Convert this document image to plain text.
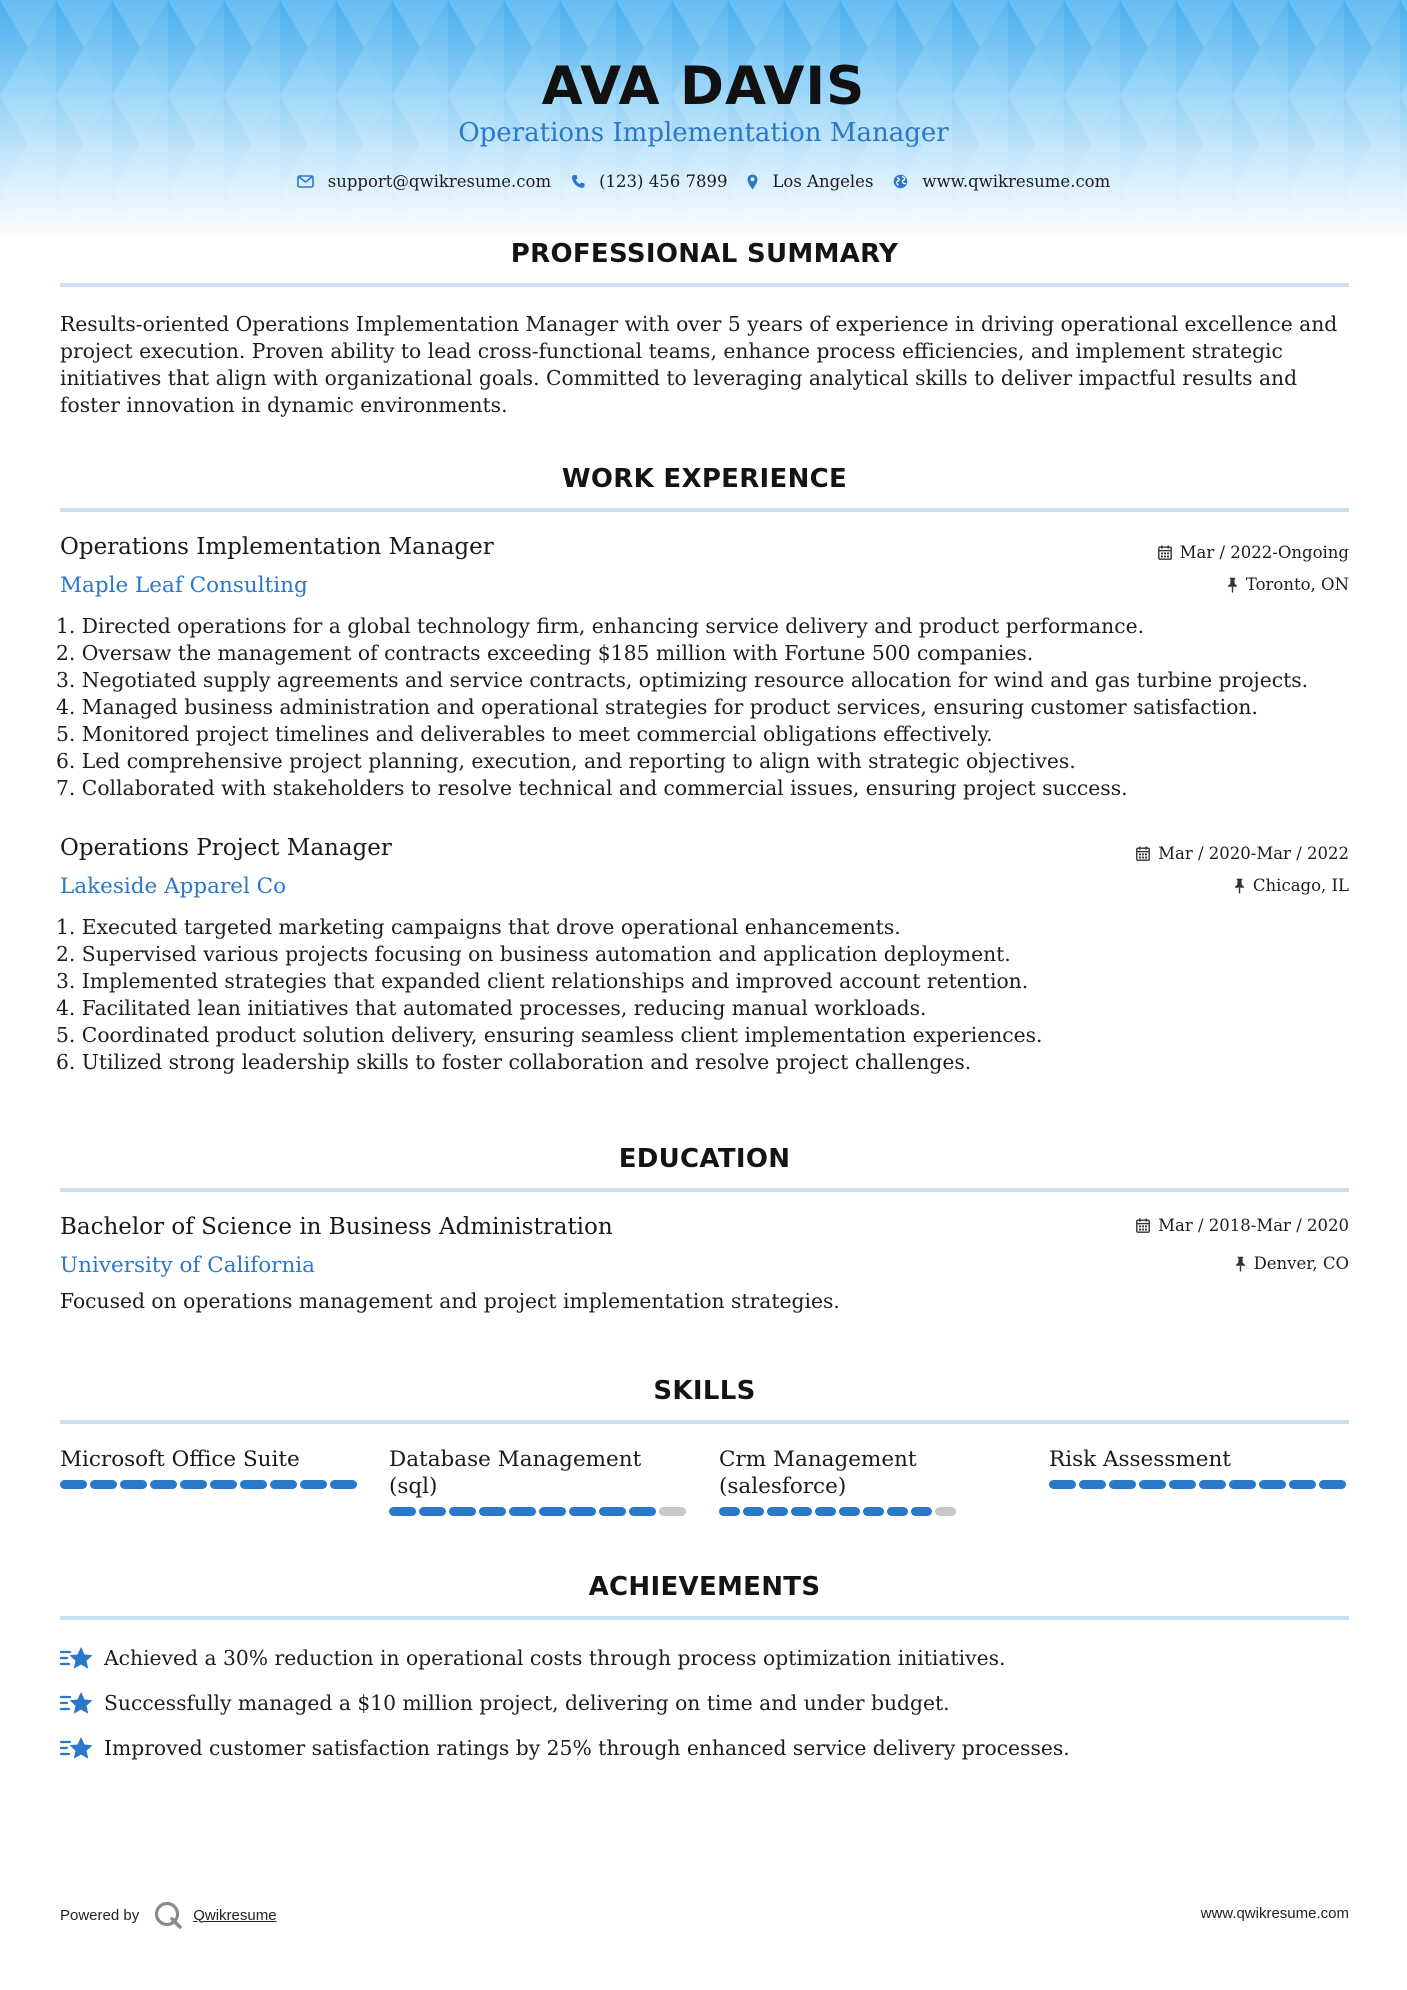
AVA DAVIS
Operations Implementation Manager
support@qwikresume.com	(123) 456 7899	Los Angeles	www.qwikresume.com
PROFESSIONAL SUMMARY
Results-oriented Operations Implementation Manager with over 5 years of experience in driving operational excellence and project execution. Proven ability to lead cross-functional teams, enhance process efficiencies, and implement strategic initiatives that align with organizational goals. Committed to leveraging analytical skills to deliver impactful results and foster innovation in dynamic environments.
WORK EXPERIENCE
Operations Implementation Manager
Maple Leaf Consulting
Mar / 2022-Ongoing
Toronto, ON
1. Directed operations for a global technology firm, enhancing service delivery and product performance.
2. Oversaw the management of contracts exceeding $185 million with Fortune 500 companies.
3. Negotiated supply agreements and service contracts, optimizing resource allocation for wind and gas turbine projects.
4. Managed business administration and operational strategies for product services, ensuring customer satisfaction.
5. Monitored project timelines and deliverables to meet commercial obligations effectively.
6. Led comprehensive project planning, execution, and reporting to align with strategic objectives.
7. Collaborated with stakeholders to resolve technical and commercial issues, ensuring project success.
Operations Project Manager
Lakeside Apparel Co
Mar / 2020-Mar / 2022
Chicago, IL
1. Executed targeted marketing campaigns that drove operational enhancements.
2. Supervised various projects focusing on business automation and application deployment.
3. Implemented strategies that expanded client relationships and improved account retention.
4. Facilitated lean initiatives that automated processes, reducing manual workloads.
5. Coordinated product solution delivery, ensuring seamless client implementation experiences.
6. Utilized strong leadership skills to foster collaboration and resolve project challenges.
EDUCATION
Bachelor of Science in Business Administration
University of California
Mar / 2018-Mar / 2020
Denver, CO
Focused on operations management and project implementation strategies.
SKILLS
Microsoft Office Suite	Database Management (sql)
Crm Management (salesforce)
Risk Assessment
ACHIEVEMENTS
Achieved a 30% reduction in operational costs through process optimization initiatives.
Successfully managed a $10 million project, delivering on time and under budget.
Improved customer satisfaction ratings by 25% through enhanced service delivery processes.
Powered by	Qwikresume	www.qwikresume.com
